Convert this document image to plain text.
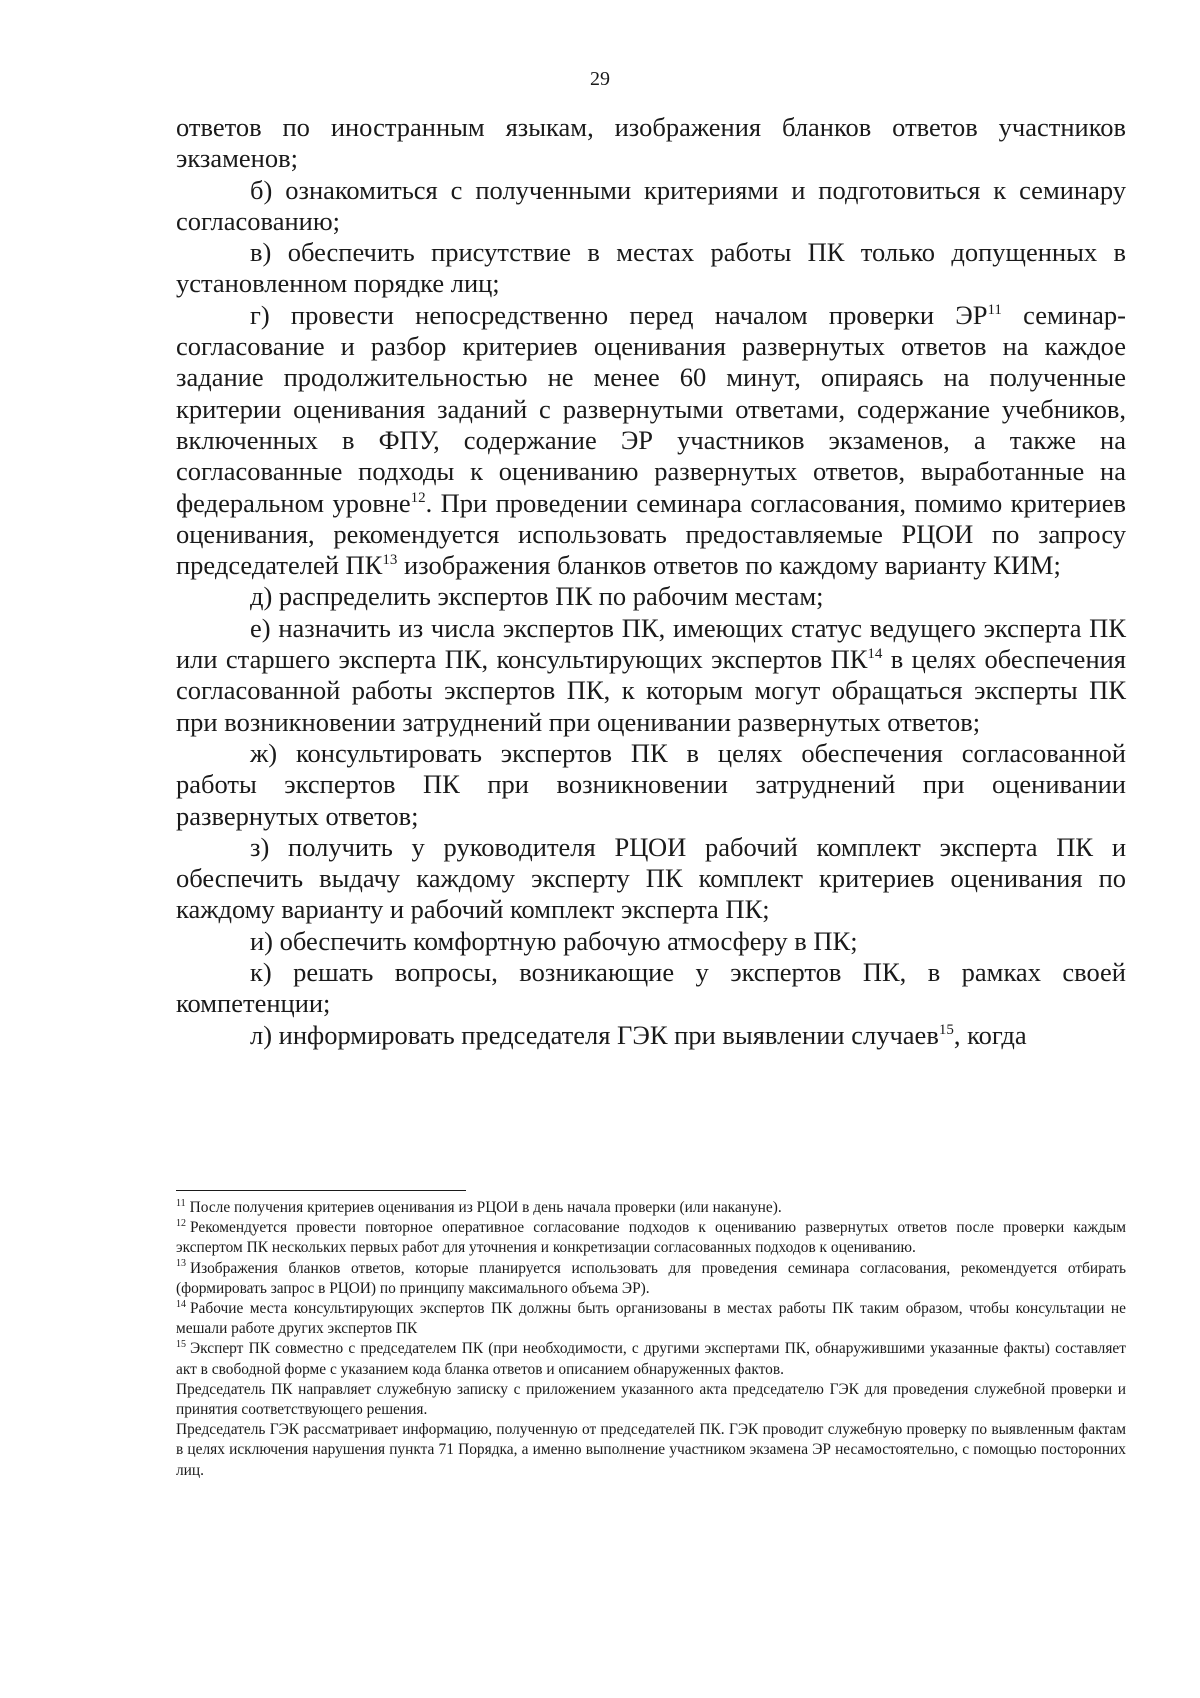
29

ответов по иностранным языкам, изображения бланков ответов участников экзаменов;

б) ознакомиться с полученными критериями и подготовиться к семинару согласованию;

в) обеспечить присутствие в местах работы ПК только допущенных в установленном порядке лиц;

г) провести непосредственно перед началом проверки ЭР$^{11}$ семинар-согласование и разбор критериев оценивания развернутых ответов на каждое задание продолжительностью не менее 60 минут, опираясь на полученные критерии оценивания заданий с развернутыми ответами, содержание учебников, включенных в ФПУ, содержание ЭР участников экзаменов, а также на согласованные подходы к оцениванию развернутых ответов, выработанные на федеральном уровне$^{12}$. При проведении семинара согласования, помимо критериев оценивания, рекомендуется использовать предоставляемые РЦОИ по запросу председателей ПК$^{13}$ изображения бланков ответов по каждому варианту КИМ;

д) распределить экспертов ПК по рабочим местам;

е) назначить из числа экспертов ПК, имеющих статус ведущего эксперта ПК или старшего эксперта ПК, консультирующих экспертов ПК$^{14}$ в целях обеспечения согласованной работы экспертов ПК, к которым могут обращаться эксперты ПК при возникновении затруднений при оценивании развернутых ответов;

ж) консультировать экспертов ПК в целях обеспечения согласованной работы экспертов ПК при возникновении затруднений при оценивании развернутых ответов;

з) получить у руководителя РЦОИ рабочий комплект эксперта ПК и обеспечить выдачу каждому эксперту ПК комплект критериев оценивания по каждому варианту и рабочий комплект эксперта ПК;

и) обеспечить комфортную рабочую атмосферу в ПК;

к) решать вопросы, возникающие у экспертов ПК, в рамках своей компетенции;

л) информировать председателя ГЭК при выявлении случаев$^{15}$, когда

$^{11}$ После получения критериев оценивания из РЦОИ в день начала проверки (или накануне).

$^{12}$ Рекомендуется провести повторное оперативное согласование подходов к оцениванию развернутых ответов после проверки каждым экспертом ПК нескольких первых работ для уточнения и конкретизации согласованных подходов к оцениванию.

$^{13}$ Изображения бланков ответов, которые планируется использовать для проведения семинара согласования, рекомендуется отбирать (формировать запрос в РЦОИ) по принципу максимального объема ЭР).

$^{14}$ Рабочие места консультирующих экспертов ПК должны быть организованы в местах работы ПК таким образом, чтобы консультации не мешали работе других экспертов ПК

$^{15}$ Эксперт ПК совместно с председателем ПК (при необходимости, с другими экспертами ПК, обнаружившими указанные факты) составляет акт в свободной форме с указанием кода бланка ответов и описанием обнаруженных фактов.

Председатель ПК направляет служебную записку с приложением указанного акта председателю ГЭК для проведения служебной проверки и принятия соответствующего решения.

Председатель ГЭК рассматривает информацию, полученную от председателей ПК. ГЭК проводит служебную проверку по выявленным фактам в целях исключения нарушения пункта 71 Порядка, а именно выполнение участником экзамена ЭР несамостоятельно, с помощью посторонних лиц.
